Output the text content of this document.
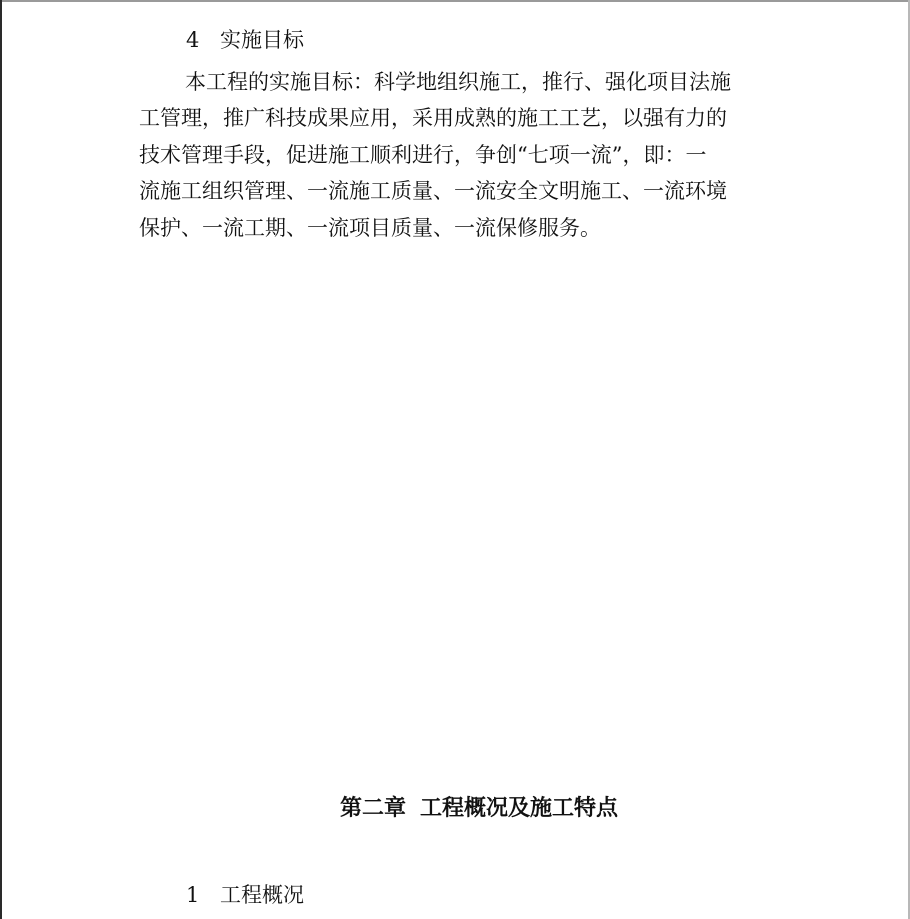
4 实施目标
本工程的实施目标：科学地组织施工，推行、强化项目法施
工管理，推广科技成果应用，采用成熟的施工工艺，以强有力的
技术管理手段，促进施工顺利进行，争创“七项一流”，即：一
流施工组织管理、一流施工质量、一流安全文明施工、一流环境
保护、一流工期、一流项目质量、一流保修服务。
第二章 工程概况及施工特点
1 工程概况
